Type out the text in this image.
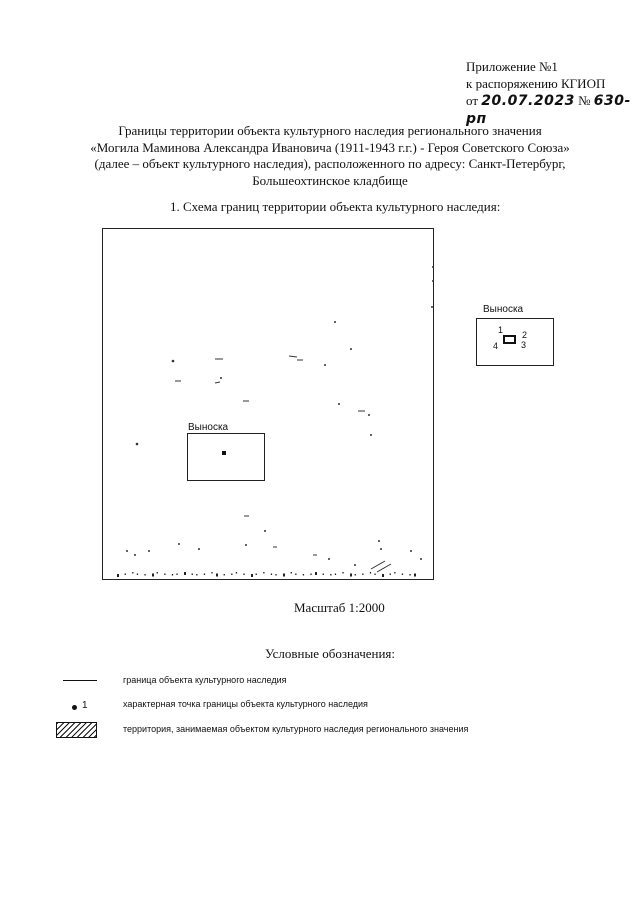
Приложение №1
к распоряжению КГИОП
от 20.07.2023 № 630-рп
Границы территории объекта культурного наследия регионального значения
«Могила Маминова Александра Ивановича (1911-1943 г.г.) - Героя Советского Союза»
(далее – объект культурного наследия), расположенного по адресу: Санкт-Петербург,
Большеохтинское кладбище
1. Схема границ территории объекта культурного наследия:
Выноска
Выноска
1 2
3
4
Масштаб 1:2000
Условные обозначения:
граница объекта культурного наследия
1	характерная точка границы объекта культурного наследия
территория, занимаемая объектом культурного наследия регионального значения
